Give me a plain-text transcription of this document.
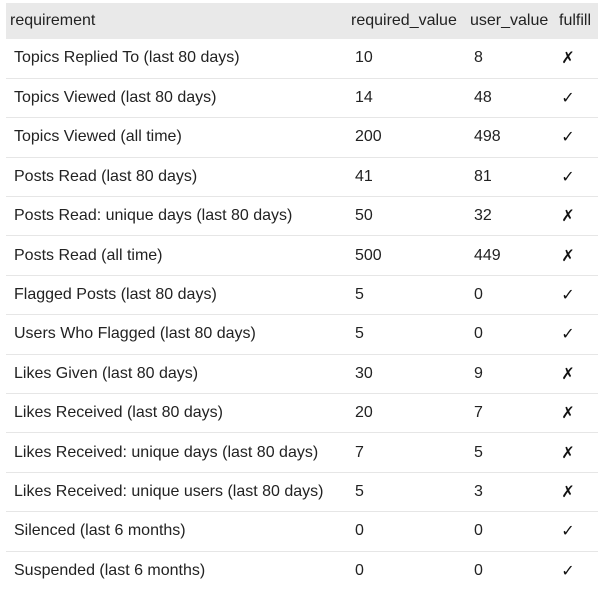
requirement	required_value	user_value	fulfill
Topics Replied To (last 80 days)	10	8	✗
Topics Viewed (last 80 days)	14	48	✓
Topics Viewed (all time)	200	498	✓
Posts Read (last 80 days)	41	81	✓
Posts Read: unique days (last 80 days)	50	32	✗
Posts Read (all time)	500	449	✗
Flagged Posts (last 80 days)	5	0	✓
Users Who Flagged (last 80 days)	5	0	✓
Likes Given (last 80 days)	30	9	✗
Likes Received (last 80 days)	20	7	✗
Likes Received: unique days (last 80 days)	7	5	✗
Likes Received: unique users (last 80 days)	5	3	✗
Silenced (last 6 months)	0	0	✓
Suspended (last 6 months)	0	0	✓
